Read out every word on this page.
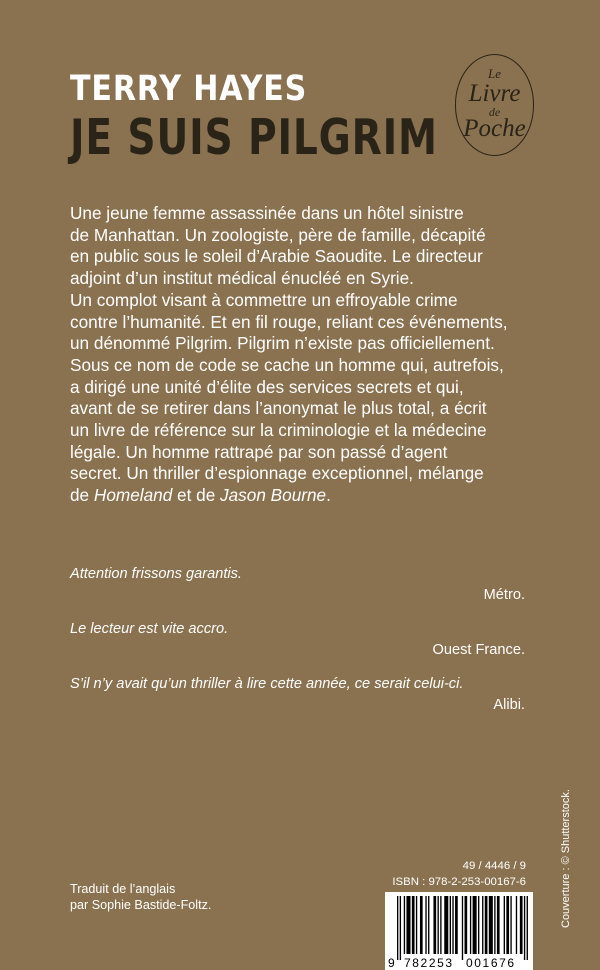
TERRY HAYES
JE SUIS PILGRIM
Le
Livre
de
Poche

Une jeune femme assassinée dans un hôtel sinistre
de Manhattan. Un zoologiste, père de famille, décapité
en public sous le soleil d’Arabie Saoudite. Le directeur
adjoint d’un institut médical énucléé en Syrie.
Un complot visant à commettre un effroyable crime
contre l’humanité. Et en fil rouge, reliant ces événements,
un dénommé Pilgrim. Pilgrim n’existe pas officiellement.
Sous ce nom de code se cache un homme qui, autrefois,
a dirigé une unité d’élite des services secrets et qui,
avant de se retirer dans l’anonymat le plus total, a écrit
un livre de référence sur la criminologie et la médecine
légale. Un homme rattrapé par son passé d’agent
secret. Un thriller d’espionnage exceptionnel, mélange
de Homeland et de Jason Bourne.

Attention frissons garantis.
Métro.
Le lecteur est vite accro.
Ouest France.
S’il n’y avait qu’un thriller à lire cette année, ce serait celui-ci.
Alibi.
Couverture : © Shutterstock.
Traduit de l’anglais
par Sophie Bastide-Foltz.
49 / 4446 / 9
ISBN : 978-2-253-00167-6
9 782253 001676
